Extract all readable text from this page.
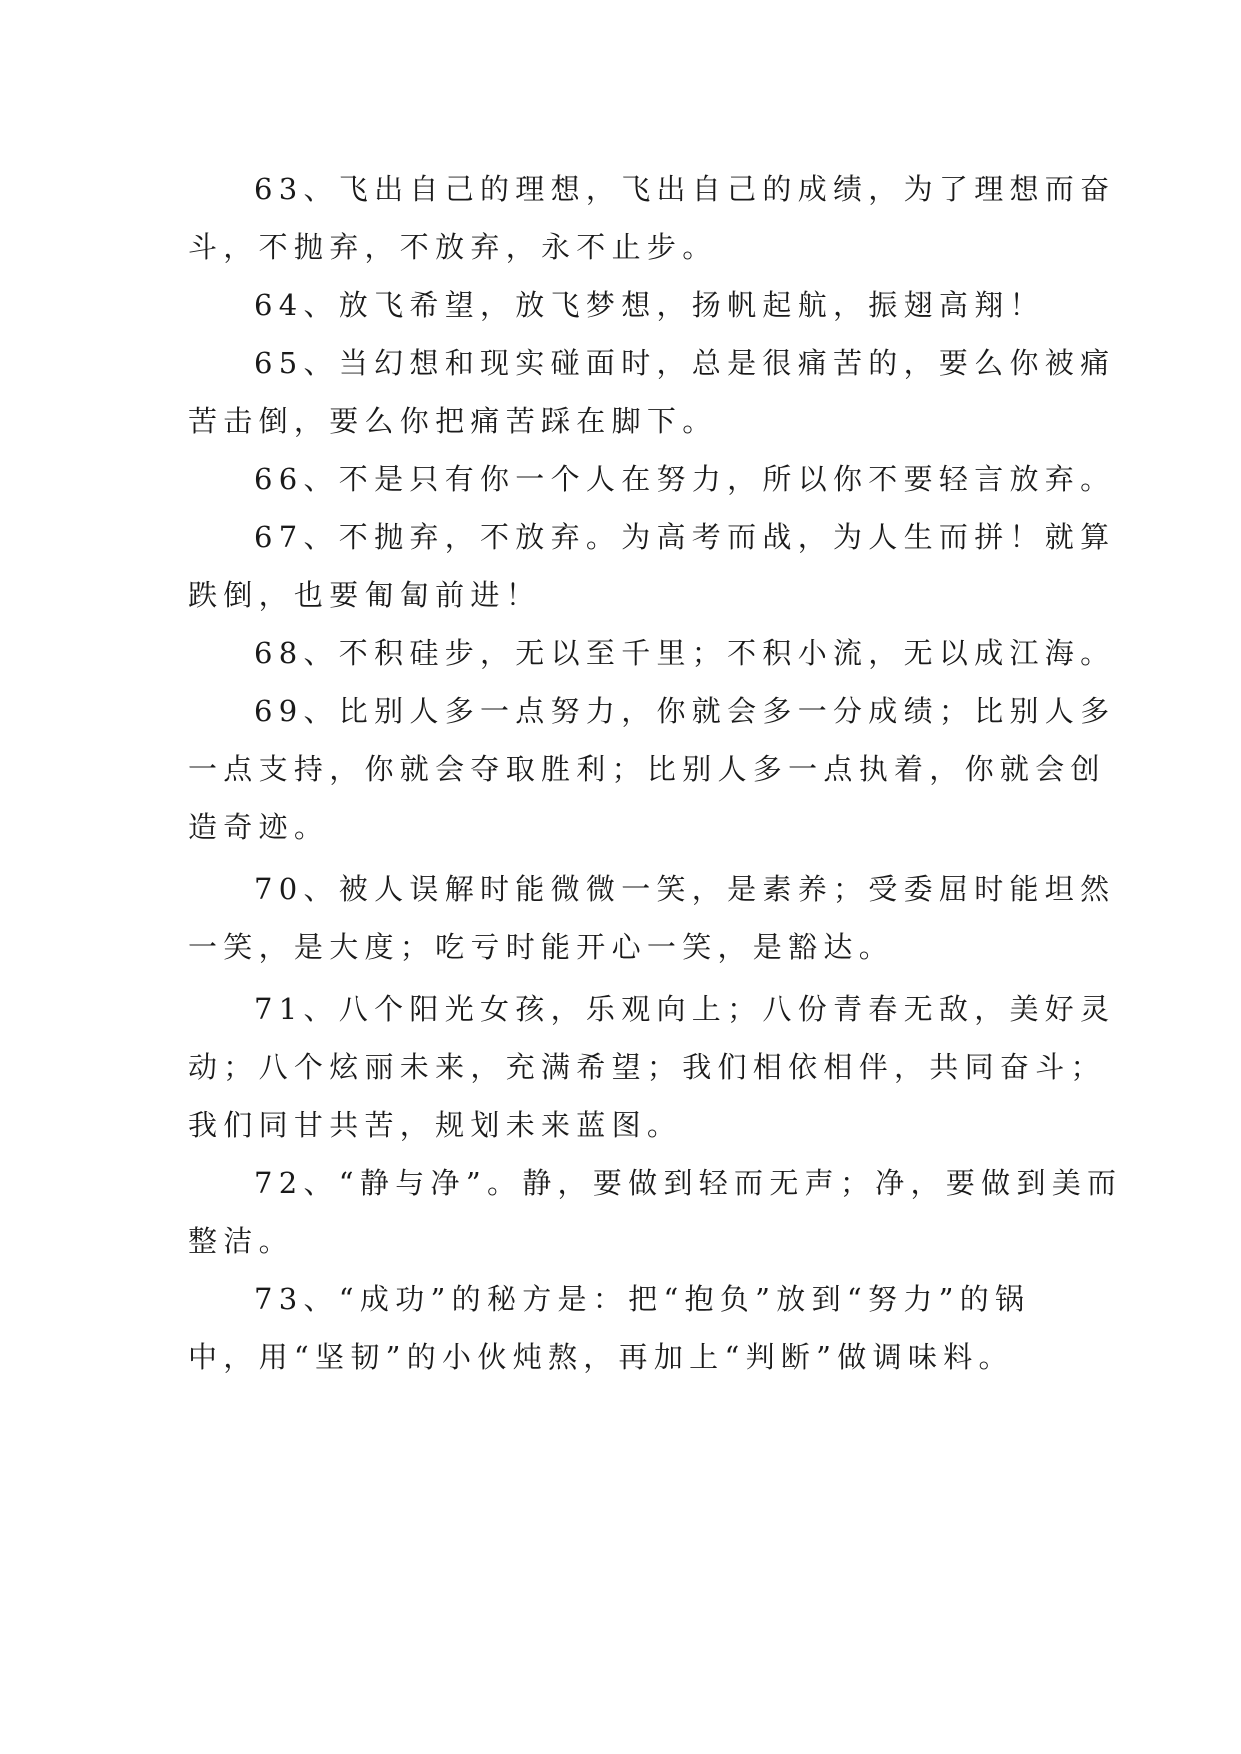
63、飞出自己的理想，飞出自己的成绩，为了理想而奋
斗，不抛弃，不放弃，永不止步。
64、放飞希望，放飞梦想，扬帆起航，振翅高翔！
65、当幻想和现实碰面时，总是很痛苦的，要么你被痛
苦击倒，要么你把痛苦踩在脚下。
66、不是只有你一个人在努力，所以你不要轻言放弃。
67、不抛弃，不放弃。为高考而战，为人生而拼！就算
跌倒，也要匍匐前进！
68、不积硅步，无以至千里；不积小流，无以成江海。
69、比别人多一点努力，你就会多一分成绩；比别人多
一点支持，你就会夺取胜利；比别人多一点执着，你就会创
造奇迹。
70、被人误解时能微微一笑，是素养；受委屈时能坦然
一笑，是大度；吃亏时能开心一笑，是豁达。
71、八个阳光女孩，乐观向上；八份青春无敌，美好灵
动；八个炫丽未来，充满希望；我们相依相伴，共同奋斗；
我们同甘共苦，规划未来蓝图。
72、“静与净”。静，要做到轻而无声；净，要做到美而
整洁。
73、“成功”的秘方是：把“抱负”放到“努力”的锅
中，用“坚韧”的小伙炖熬，再加上“判断”做调味料。
